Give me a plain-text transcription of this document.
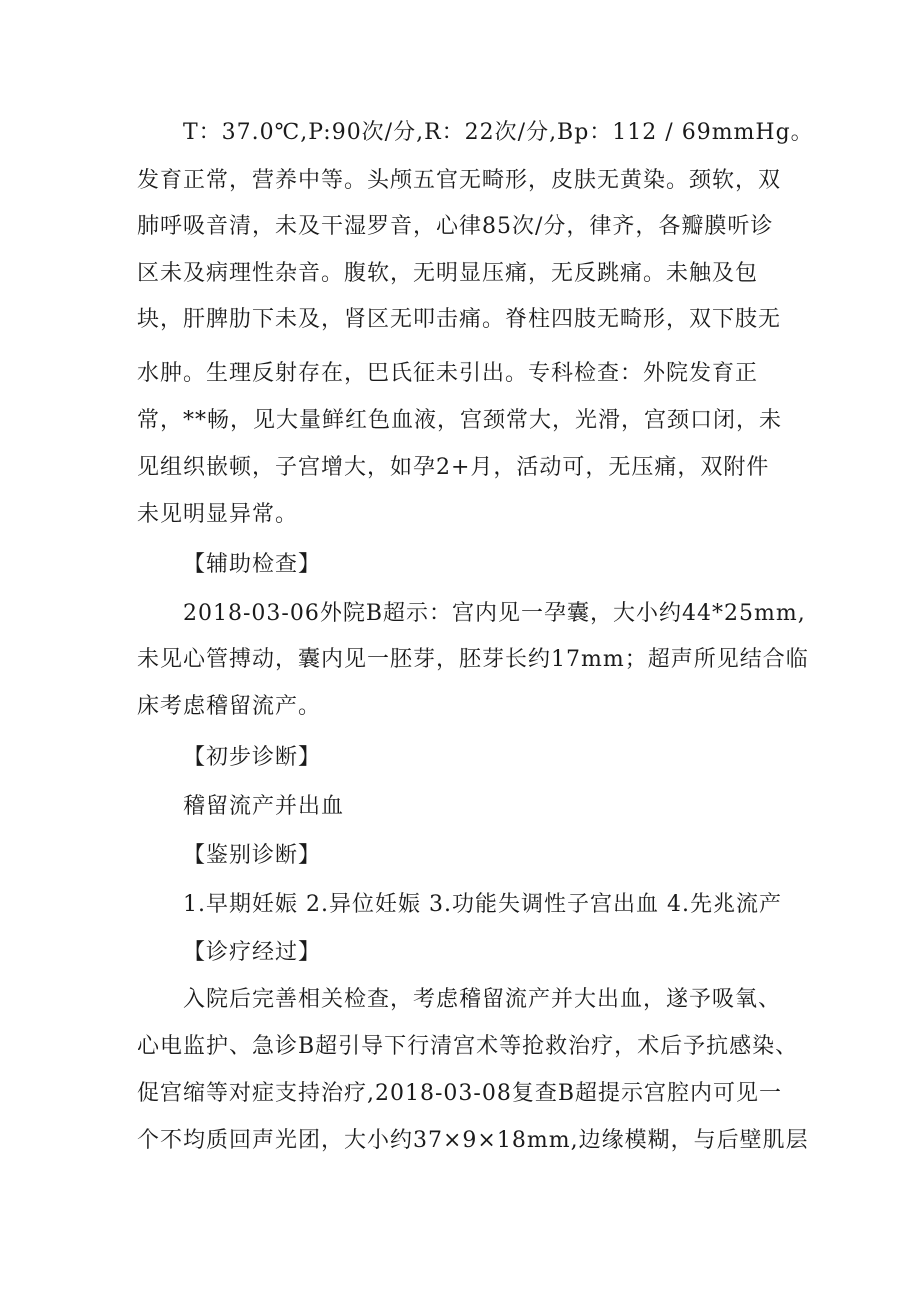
T：37.0℃,P:90次/分,R：22次/分,Bp：112 / 69mmHg。
发育正常，营养中等。头颅五官无畸形，皮肤无黄染。颈软，双
肺呼吸音清，未及干湿罗音，心律85次/分，律齐，各瓣膜听诊
区未及病理性杂音。腹软，无明显压痛，无反跳痛。未触及包
块，肝脾肋下未及，肾区无叩击痛。脊柱四肢无畸形，双下肢无
水肿。生理反射存在，巴氏征未引出。专科检查：外院发育正
常，**畅，见大量鲜红色血液，宫颈常大，光滑，宫颈口闭，未
见组织嵌顿，子宫增大，如孕2+月，活动可，无压痛，双附件
未见明显异常。
【辅助检查】
2018-03-06外院B超示：宫内见一孕囊，大小约44*25mm,
未见心管搏动，囊内见一胚芽，胚芽长约17mm；超声所见结合临
床考虑稽留流产。
【初步诊断】
稽留流产并出血
【鉴别诊断】
1.早期妊娠 2.异位妊娠 3.功能失调性子宫出血 4.先兆流产
【诊疗经过】
入院后完善相关检查，考虑稽留流产并大出血，遂予吸氧、
心电监护、急诊B超引导下行清宫术等抢救治疗，术后予抗感染、
促宫缩等对症支持治疗,2018-03-08复查B超提示宫腔内可见一
个不均质回声光团，大小约37×9×18mm,边缘模糊，与后壁肌层
